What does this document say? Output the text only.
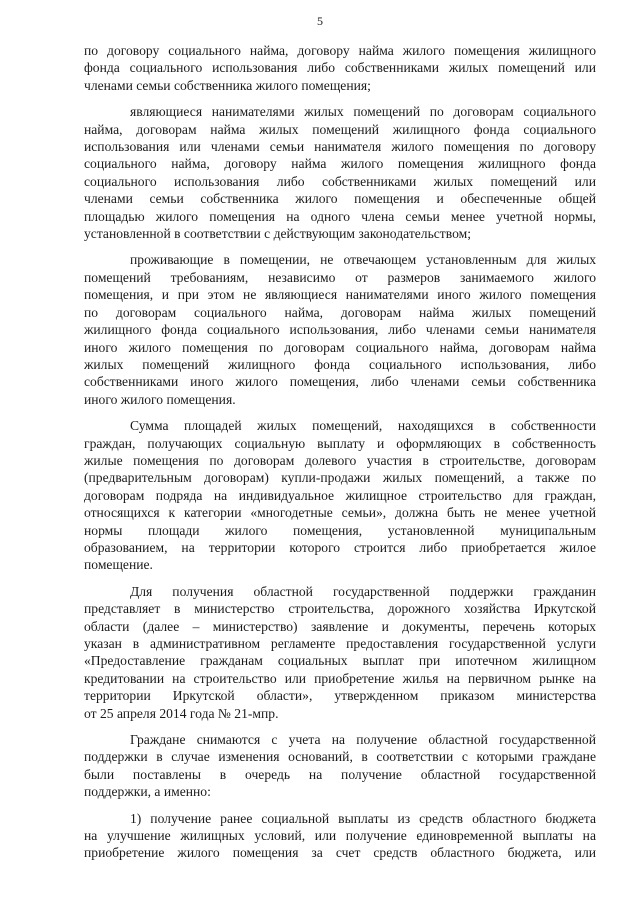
5

по договору социального найма, договору найма жилого помещения жилищного
фонда социального использования либо собственниками жилых помещений или
членами семьи собственника жилого помещения;

являющиеся нанимателями жилых помещений по договорам социального
найма, договорам найма жилых помещений жилищного фонда социального
использования или членами семьи нанимателя жилого помещения по договору
социального найма, договору найма жилого помещения жилищного фонда
социального использования либо собственниками жилых помещений или
членами семьи собственника жилого помещения и обеспеченные общей
площадью жилого помещения на одного члена семьи менее учетной нормы,
установленной в соответствии с действующим законодательством;

проживающие в помещении, не отвечающем установленным для жилых
помещений требованиям, независимо от размеров занимаемого жилого
помещения, и при этом не являющиеся нанимателями иного жилого помещения
по договорам социального найма, договорам найма жилых помещений
жилищного фонда социального использования, либо членами семьи нанимателя
иного жилого помещения по договорам социального найма, договорам найма
жилых помещений жилищного фонда социального использования, либо
собственниками иного жилого помещения, либо членами семьи собственника
иного жилого помещения.

Сумма площадей жилых помещений, находящихся в собственности
граждан, получающих социальную выплату и оформляющих в собственность
жилые помещения по договорам долевого участия в строительстве, договорам
(предварительным договорам) купли-продажи жилых помещений, а также по
договорам подряда на индивидуальное жилищное строительство для граждан,
относящихся к категории «многодетные семьи», должна быть не менее учетной
нормы площади жилого помещения, установленной муниципальным
образованием, на территории которого строится либо приобретается жилое
помещение.

Для получения областной государственной поддержки гражданин
представляет в министерство строительства, дорожного хозяйства Иркутской
области (далее – министерство) заявление и документы, перечень которых
указан в административном регламенте предоставления государственной услуги
«Предоставление гражданам социальных выплат при ипотечном жилищном
кредитовании на строительство или приобретение жилья на первичном рынке на
территории Иркутской области», утвержденном приказом министерства
от 25 апреля 2014 года № 21-мпр.

Граждане снимаются с учета на получение областной государственной
поддержки в случае изменения оснований, в соответствии с которыми граждане
были поставлены в очередь на получение областной государственной
поддержки, а именно:

1) получение ранее социальной выплаты из средств областного бюджета
на улучшение жилищных условий, или получение единовременной выплаты на
приобретение жилого помещения за счет средств областного бюджета, или
